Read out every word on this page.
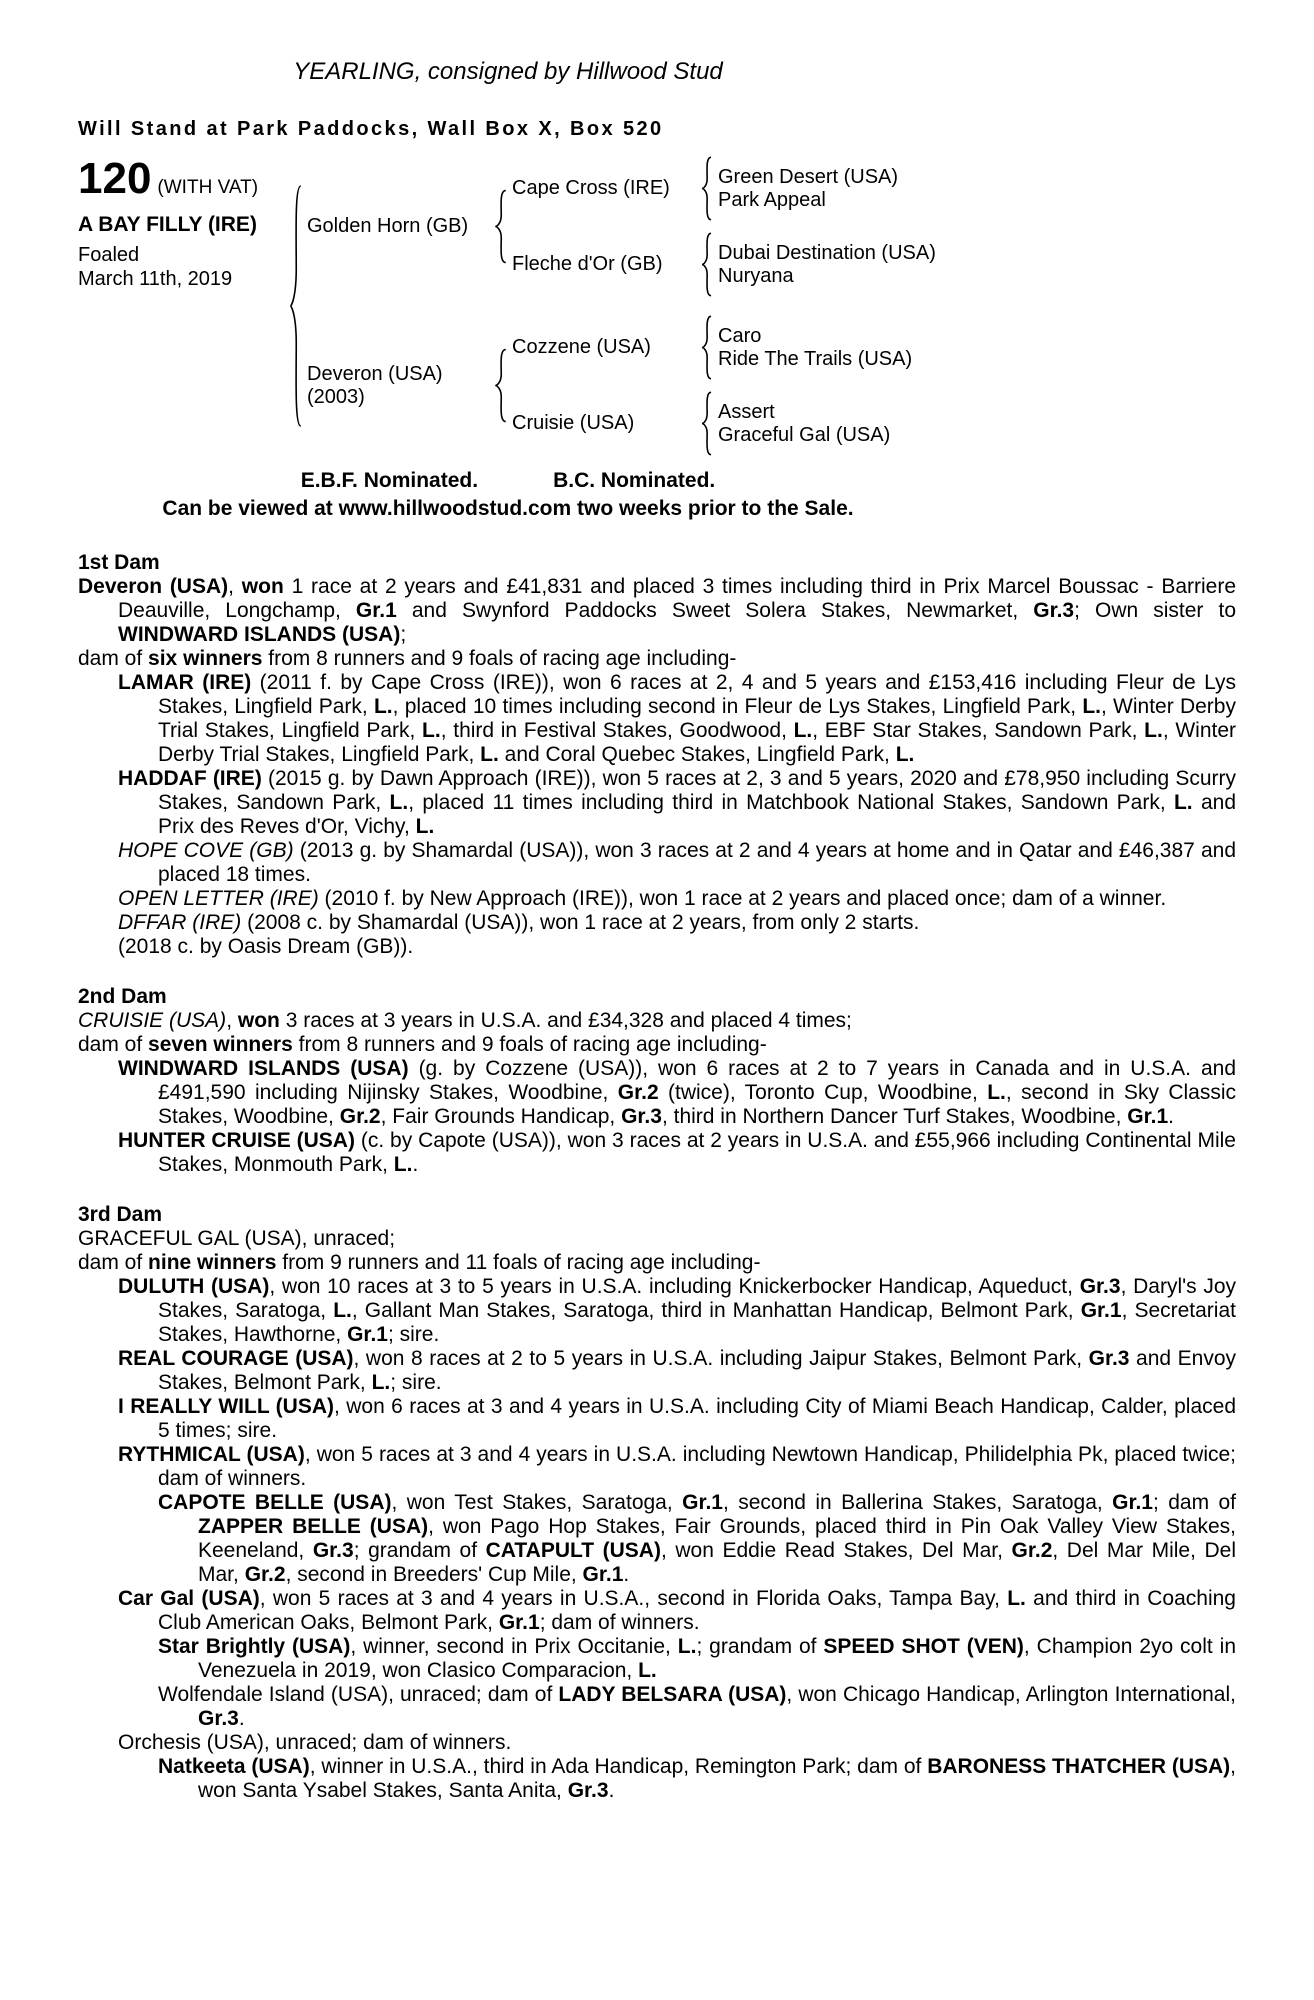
YEARLING, consigned by Hillwood Stud
Will Stand at Park Paddocks, Wall Box X, Box 520
120 (WITH VAT)
A BAY FILLY (IRE)
Foaled
March 11th, 2019
Golden Horn (GB)
Cape Cross (IRE)
Green Desert (USA)
Park Appeal
Fleche d'Or (GB)
Dubai Destination (USA)
Nuryana
Deveron (USA)
(2003)
Cozzene (USA)
Caro
Ride The Trails (USA)
Cruisie (USA)
Assert
Graceful Gal (USA)
E.B.F. Nominated.	B.C. Nominated.
Can be viewed at www.hillwoodstud.com two weeks prior to the Sale.
1st Dam
Deveron (USA), won 1 race at 2 years and £41,831 and placed 3 times including third in Prix Marcel Boussac - Barriere Deauville, Longchamp, Gr.1 and Swynford Paddocks Sweet Solera Stakes, Newmarket, Gr.3; Own sister to WINDWARD ISLANDS (USA);
dam of six winners from 8 runners and 9 foals of racing age including-
LAMAR (IRE) (2011 f. by Cape Cross (IRE)), won 6 races at 2, 4 and 5 years and £153,416 including Fleur de Lys Stakes, Lingfield Park, L., placed 10 times including second in Fleur de Lys Stakes, Lingfield Park, L., Winter Derby Trial Stakes, Lingfield Park, L., third in Festival Stakes, Goodwood, L., EBF Star Stakes, Sandown Park, L., Winter Derby Trial Stakes, Lingfield Park, L. and Coral Quebec Stakes, Lingfield Park, L.
HADDAF (IRE) (2015 g. by Dawn Approach (IRE)), won 5 races at 2, 3 and 5 years, 2020 and £78,950 including Scurry Stakes, Sandown Park, L., placed 11 times including third in Matchbook National Stakes, Sandown Park, L. and Prix des Reves d'Or, Vichy, L.
HOPE COVE (GB) (2013 g. by Shamardal (USA)), won 3 races at 2 and 4 years at home and in Qatar and £46,387 and placed 18 times.
OPEN LETTER (IRE) (2010 f. by New Approach (IRE)), won 1 race at 2 years and placed once; dam of a winner.
DFFAR (IRE) (2008 c. by Shamardal (USA)), won 1 race at 2 years, from only 2 starts.
(2018 c. by Oasis Dream (GB)).
2nd Dam
CRUISIE (USA), won 3 races at 3 years in U.S.A. and £34,328 and placed 4 times;
dam of seven winners from 8 runners and 9 foals of racing age including-
WINDWARD ISLANDS (USA) (g. by Cozzene (USA)), won 6 races at 2 to 7 years in Canada and in U.S.A. and £491,590 including Nijinsky Stakes, Woodbine, Gr.2 (twice), Toronto Cup, Woodbine, L., second in Sky Classic Stakes, Woodbine, Gr.2, Fair Grounds Handicap, Gr.3, third in Northern Dancer Turf Stakes, Woodbine, Gr.1.
HUNTER CRUISE (USA) (c. by Capote (USA)), won 3 races at 2 years in U.S.A. and £55,966 including Continental Mile Stakes, Monmouth Park, L..
3rd Dam
GRACEFUL GAL (USA), unraced;
dam of nine winners from 9 runners and 11 foals of racing age including-
DULUTH (USA), won 10 races at 3 to 5 years in U.S.A. including Knickerbocker Handicap, Aqueduct, Gr.3, Daryl's Joy Stakes, Saratoga, L., Gallant Man Stakes, Saratoga, third in Manhattan Handicap, Belmont Park, Gr.1, Secretariat Stakes, Hawthorne, Gr.1; sire.
REAL COURAGE (USA), won 8 races at 2 to 5 years in U.S.A. including Jaipur Stakes, Belmont Park, Gr.3 and Envoy Stakes, Belmont Park, L.; sire.
I REALLY WILL (USA), won 6 races at 3 and 4 years in U.S.A. including City of Miami Beach Handicap, Calder, placed 5 times; sire.
RYTHMICAL (USA), won 5 races at 3 and 4 years in U.S.A. including Newtown Handicap, Philidelphia Pk, placed twice; dam of winners.
CAPOTE BELLE (USA), won Test Stakes, Saratoga, Gr.1, second in Ballerina Stakes, Saratoga, Gr.1; dam of ZAPPER BELLE (USA), won Pago Hop Stakes, Fair Grounds, placed third in Pin Oak Valley View Stakes, Keeneland, Gr.3; grandam of CATAPULT (USA), won Eddie Read Stakes, Del Mar, Gr.2, Del Mar Mile, Del Mar, Gr.2, second in Breeders' Cup Mile, Gr.1.
Car Gal (USA), won 5 races at 3 and 4 years in U.S.A., second in Florida Oaks, Tampa Bay, L. and third in Coaching Club American Oaks, Belmont Park, Gr.1; dam of winners.
Star Brightly (USA), winner, second in Prix Occitanie, L.; grandam of SPEED SHOT (VEN), Champion 2yo colt in Venezuela in 2019, won Clasico Comparacion, L.
Wolfendale Island (USA), unraced; dam of LADY BELSARA (USA), won Chicago Handicap, Arlington International, Gr.3.
Orchesis (USA), unraced; dam of winners.
Natkeeta (USA), winner in U.S.A., third in Ada Handicap, Remington Park; dam of BARONESS THATCHER (USA), won Santa Ysabel Stakes, Santa Anita, Gr.3.
